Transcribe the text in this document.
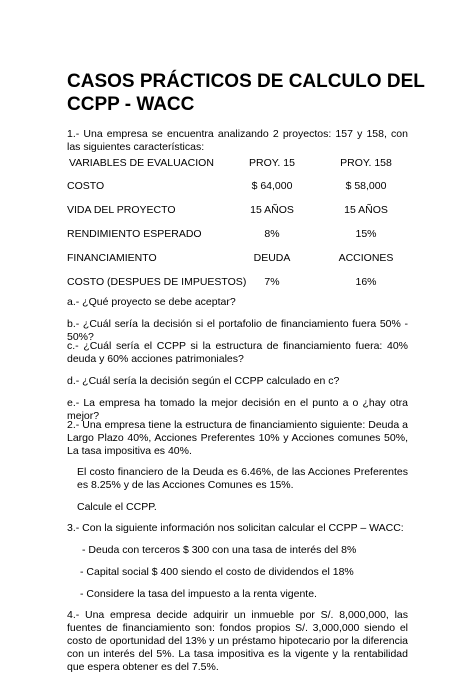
CASOS PRÁCTICOS DE CALCULO DEL
CCPP - WACC

1.- Una empresa se encuentra analizando 2 proyectos: 157 y 158, con las siguientes características:

VARIABLES DE EVALUACION	PROY. 15	PROY. 158
COSTO	$ 64,000	$ 58,000
VIDA DEL PROYECTO	15 AÑOS	15 AÑOS
RENDIMIENTO ESPERADO	8%	15%
FINANCIAMIENTO	DEUDA	ACCIONES
COSTO (DESPUES DE IMPUESTOS)	7%	16%

a.- ¿Qué proyecto se debe aceptar?

b.- ¿Cuál sería la decisión si el portafolio de financiamiento fuera 50% - 50%?

c.- ¿Cuál sería el CCPP si la estructura de financiamiento fuera: 40% deuda y 60% acciones patrimoniales?

d.- ¿Cuál sería la decisión según el CCPP calculado en c?

e.- La empresa ha tomado la mejor decisión en el punto a o ¿hay otra mejor?

2.- Una empresa tiene la estructura de financiamiento siguiente: Deuda a Largo Plazo 40%, Acciones Preferentes 10% y Acciones comunes 50%, La tasa impositiva es 40%.

El costo financiero de la Deuda es 6.46%, de las Acciones Preferentes es 8.25% y de las Acciones Comunes es 15%.

Calcule el CCPP.

3.- Con la siguiente información nos solicitan calcular el CCPP – WACC:

- Deuda con terceros $ 300 con una tasa de interés del 8%

- Capital social $ 400 siendo el costo de dividendos el 18%

- Considere la tasa del impuesto a la renta vigente.

4.- Una empresa decide adquirir un inmueble por S/. 8,000,000, las fuentes de financiamiento son: fondos propios S/. 3,000,000 siendo el costo de oportunidad del 13% y un préstamo hipotecario por la diferencia con un interés del 5%. La tasa impositiva es la vigente y la rentabilidad que espera obtener es del 7.5%.
